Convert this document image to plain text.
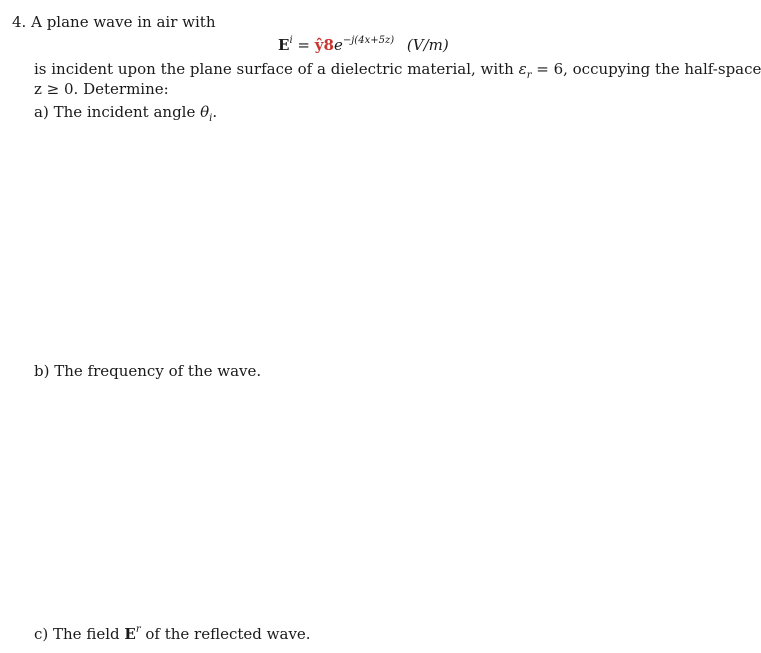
4. A plane wave in air with
$E^i$ = $ŷ8e^{-j(4x+5z)}$ (V/m)
is incident upon the plane surface of a dielectric material, with $\varepsilon_r = 6$, occupying the half-space
z ≥ 0. Determine:
a) The incident angle $\theta_i$.
b) The frequency of the wave.
c) The field $E^r$ of the reflected wave.
